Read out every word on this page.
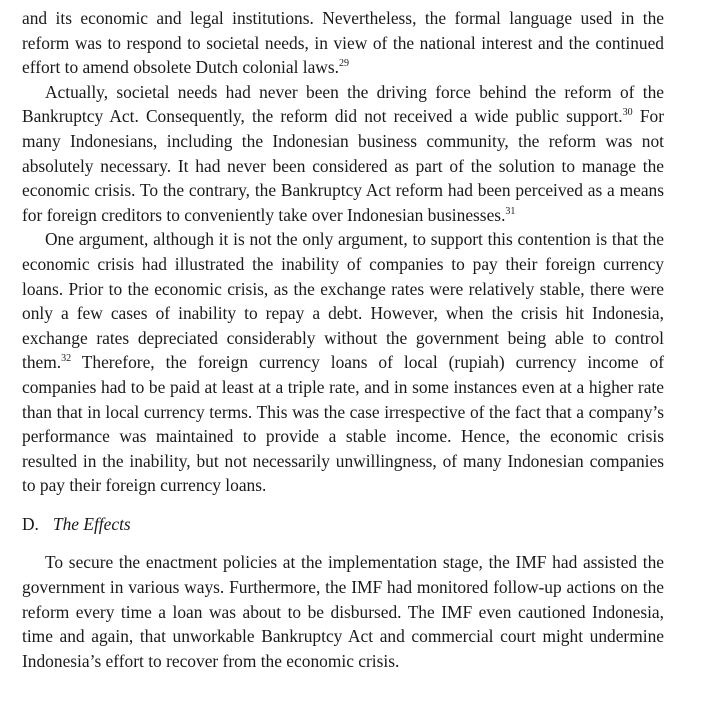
and its economic and legal institutions. Nevertheless, the formal language used in the reform was to respond to societal needs, in view of the national interest and the continued effort to amend obsolete Dutch colonial laws.$^{29}$

Actually, societal needs had never been the driving force behind the reform of the Bankruptcy Act. Consequently, the reform did not received a wide public support.$^{30}$ For many Indonesians, including the Indonesian business community, the reform was not absolutely necessary. It had never been considered as part of the solution to manage the economic crisis. To the contrary, the Bankruptcy Act reform had been perceived as a means for foreign creditors to conveniently take over Indonesian businesses.$^{31}$

One argument, although it is not the only argument, to support this contention is that the economic crisis had illustrated the inability of companies to pay their foreign currency loans. Prior to the economic crisis, as the exchange rates were relatively stable, there were only a few cases of inability to repay a debt. However, when the crisis hit Indonesia, exchange rates depreciated considerably without the government being able to control them.$^{32}$ Therefore, the foreign currency loans of local (rupiah) currency income of companies had to be paid at least at a triple rate, and in some instances even at a higher rate than that in local currency terms. This was the case irrespective of the fact that a company’s performance was maintained to provide a stable income. Hence, the economic crisis resulted in the inability, but not necessarily unwillingness, of many Indonesian companies to pay their foreign currency loans.

D. The Effects

To secure the enactment policies at the implementation stage, the IMF had assisted the government in various ways. Furthermore, the IMF had monitored follow-up actions on the reform every time a loan was about to be disbursed. The IMF even cautioned Indonesia, time and again, that unworkable Bankruptcy Act and commercial court might undermine Indonesia’s effort to recover from the economic crisis.
